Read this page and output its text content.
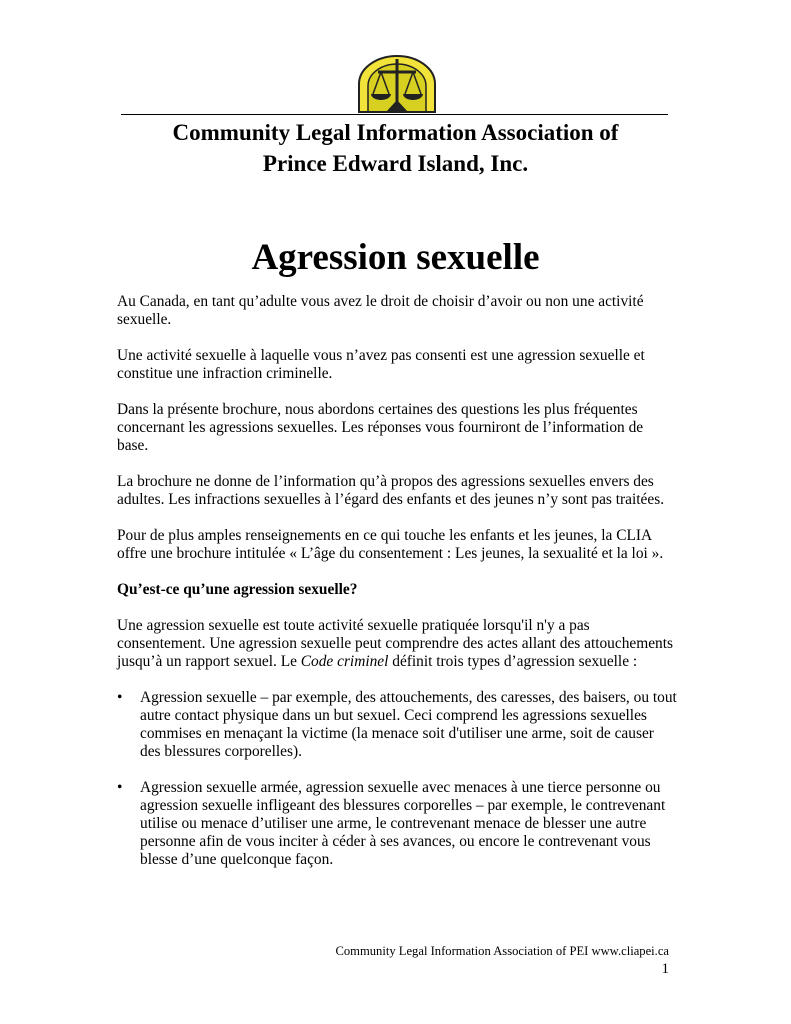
Community Legal Information Association of
Prince Edward Island, Inc.
Agression sexuelle

Au Canada, en tant qu’adulte vous avez le droit de choisir d’avoir ou non une activité sexuelle.

Une activité sexuelle à laquelle vous n’avez pas consenti est une agression sexuelle et constitue une infraction criminelle.

Dans la présente brochure, nous abordons certaines des questions les plus fréquentes concernant les agressions sexuelles. Les réponses vous fourniront de l’information de base.

La brochure ne donne de l’information qu’à propos des agressions sexuelles envers des adultes. Les infractions sexuelles à l’égard des enfants et des jeunes n’y sont pas traitées.

Pour de plus amples renseignements en ce qui touche les enfants et les jeunes, la CLIA offre une brochure intitulée « L’âge du consentement : Les jeunes, la sexualité et la loi ».

Qu’est-ce qu’une agression sexuelle?

Une agression sexuelle est toute activité sexuelle pratiquée lorsqu'il n'y a pas consentement. Une agression sexuelle peut comprendre des actes allant des attouchements jusqu’à un rapport sexuel. Le Code criminel définit trois types d’agression sexuelle :

• Agression sexuelle – par exemple, des attouchements, des caresses, des baisers, ou tout autre contact physique dans un but sexuel. Ceci comprend les agressions sexuelles commises en menaçant la victime (la menace soit d'utiliser une arme, soit de causer des blessures corporelles).
• Agression sexuelle armée, agression sexuelle avec menaces à une tierce personne ou agression sexuelle infligeant des blessures corporelles – par exemple, le contrevenant utilise ou menace d’utiliser une arme, le contrevenant menace de blesser une autre personne afin de vous inciter à céder à ses avances, ou encore le contrevenant vous blesse d’une quelconque façon.
Community Legal Information Association of PEI www.cliapei.ca
1
